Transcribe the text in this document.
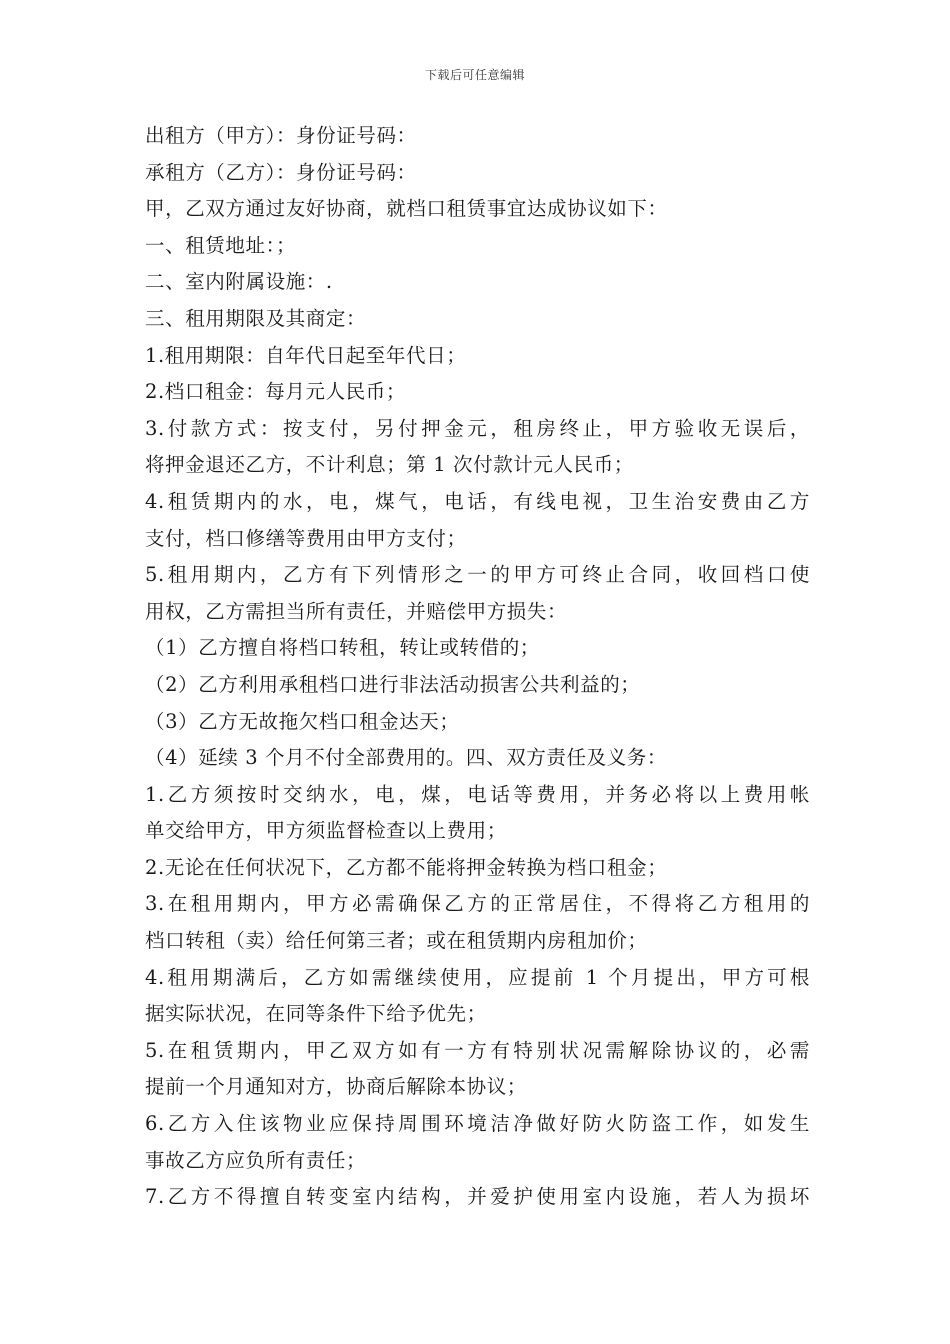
下载后可任意编辑
出租方（甲方）：身份证号码：
承租方（乙方）：身份证号码：
甲，乙双方通过友好协商，就档口租赁事宜达成协议如下：
一、租赁地址：；
二、室内附属设施：.
三、租用期限及其商定：
1.租用期限：自年代日起至年代日；
2.档口租金：每月元人民币；
3.付款方式：按支付，另付押金元，租房终止，甲方验收无误后，
将押金退还乙方，不计利息；第 1 次付款计元人民币；
4.租赁期内的水，电，煤气，电话，有线电视，卫生治安费由乙方
支付，档口修缮等费用由甲方支付；
5.租用期内，乙方有下列情形之一的甲方可终止合同，收回档口使
用权，乙方需担当所有责任，并赔偿甲方损失：
（1）乙方擅自将档口转租，转让或转借的；
（2）乙方利用承租档口进行非法活动损害公共利益的；
（3）乙方无故拖欠档口租金达天；
（4）延续 3 个月不付全部费用的。四、双方责任及义务：
1.乙方须按时交纳水，电，煤，电话等费用，并务必将以上费用帐
单交给甲方，甲方须监督检查以上费用；
2.无论在任何状况下，乙方都不能将押金转换为档口租金；
3.在租用期内，甲方必需确保乙方的正常居住，不得将乙方租用的
档口转租（卖）给任何第三者；或在租赁期内房租加价；
4.租用期满后，乙方如需继续使用，应提前 1 个月提出，甲方可根
据实际状况，在同等条件下给予优先；
5.在租赁期内，甲乙双方如有一方有特别状况需解除协议的，必需
提前一个月通知对方，协商后解除本协议；
6.乙方入住该物业应保持周围环境洁净做好防火防盗工作，如发生
事故乙方应负所有责任；
7.乙方不得擅自转变室内结构，并爱护使用室内设施，若人为损坏
